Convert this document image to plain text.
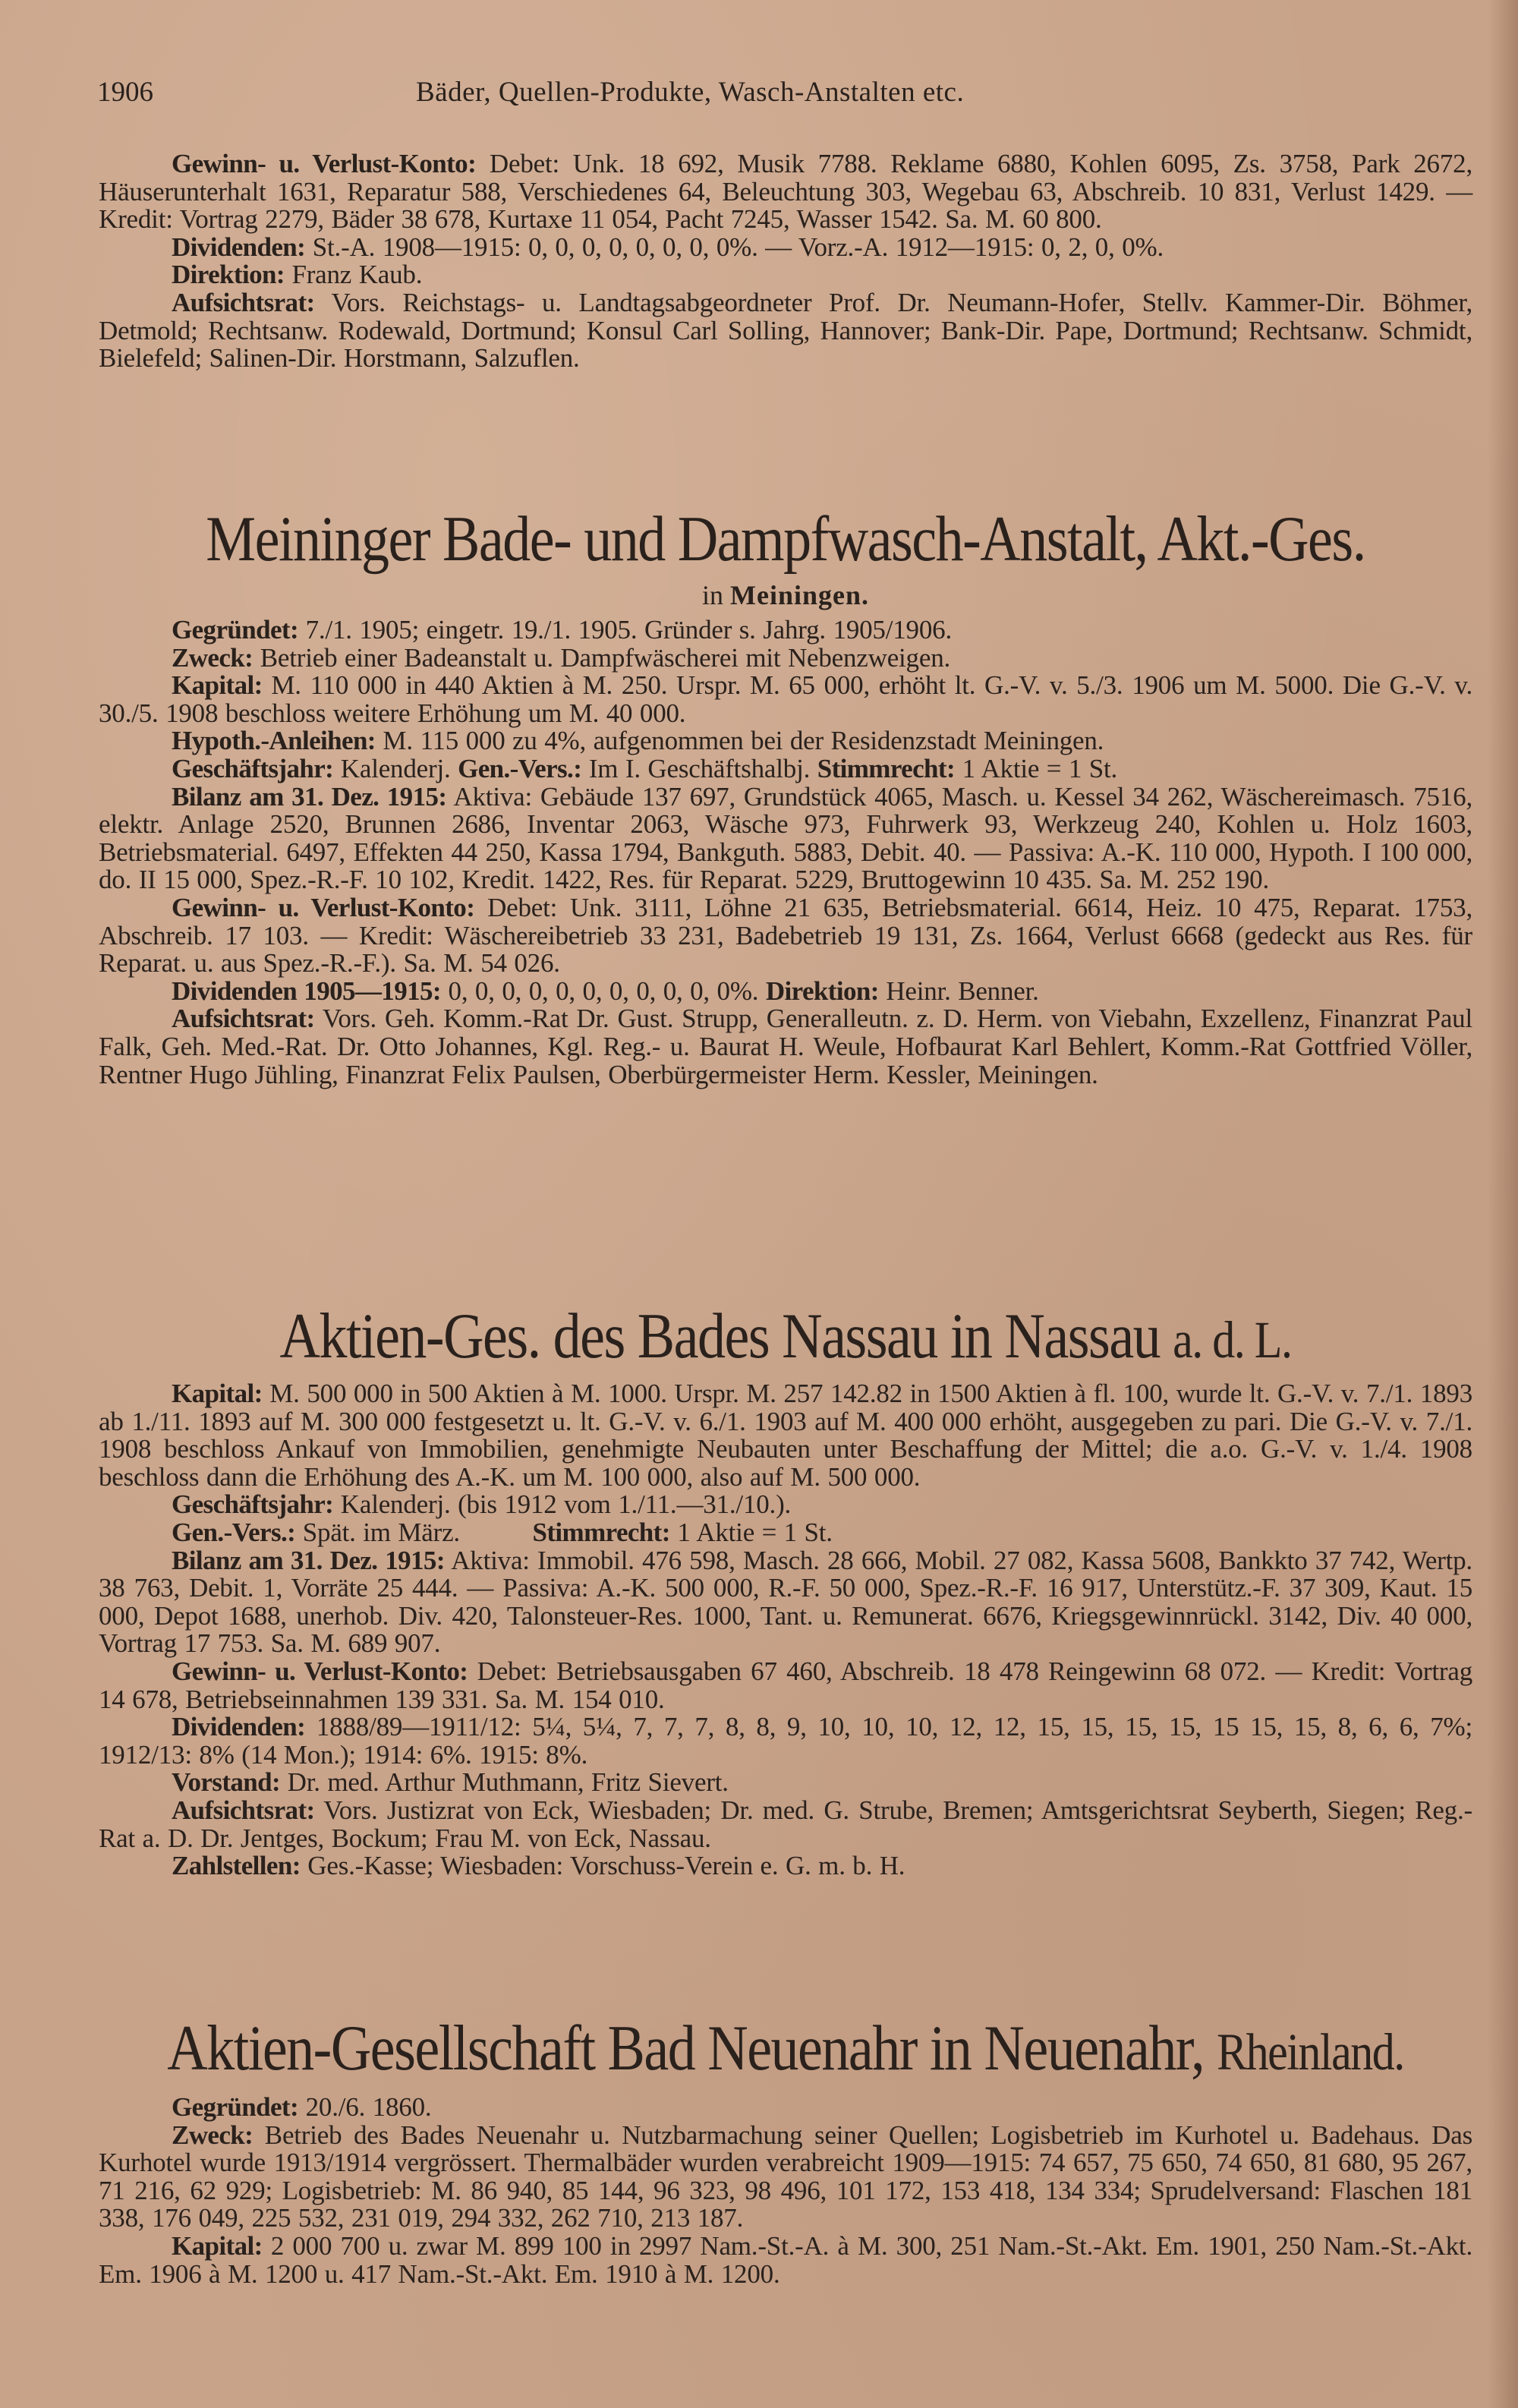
1906	Bäder, Quellen-Produkte, Wasch-Anstalten etc.

Gewinn- u. Verlust-Konto: Debet: Unk. 18 692, Musik 7788. Reklame 6880, Kohlen 6095, Zs. 3758, Park 2672, Häuserunterhalt 1631, Reparatur 588, Verschiedenes 64, Beleuchtung 303, Wegebau 63, Abschreib. 10 831, Verlust 1429. — Kredit: Vortrag 2279, Bäder 38 678, Kurtaxe 11 054, Pacht 7245, Wasser 1542. Sa. M. 60 800.

Dividenden: St.-A. 1908—1915: 0, 0, 0, 0, 0, 0, 0, 0%. — Vorz.-A. 1912—1915: 0, 2, 0, 0%.

Direktion: Franz Kaub.

Aufsichtsrat: Vors. Reichstags- u. Landtagsabgeordneter Prof. Dr. Neumann-Hofer, Stellv. Kammer-Dir. Böhmer, Detmold; Rechtsanw. Rodewald, Dortmund; Konsul Carl Solling, Hannover; Bank-Dir. Pape, Dortmund; Rechtsanw. Schmidt, Bielefeld; Salinen-Dir. Horstmann, Salzuflen.

Meininger Bade- und Dampfwasch-Anstalt, Akt.-Ges.
in Meiningen.

Gegründet: 7./1. 1905; eingetr. 19./1. 1905. Gründer s. Jahrg. 1905/1906.

Zweck: Betrieb einer Badeanstalt u. Dampfwäscherei mit Nebenzweigen.

Kapital: M. 110 000 in 440 Aktien à M. 250. Urspr. M. 65 000, erhöht lt. G.-V. v. 5./3. 1906 um M. 5000. Die G.-V. v. 30./5. 1908 beschloss weitere Erhöhung um M. 40 000.

Hypoth.-Anleihen: M. 115 000 zu 4%, aufgenommen bei der Residenzstadt Meiningen.

Geschäftsjahr: Kalenderj. Gen.-Vers.: Im I. Geschäftshalbj. Stimmrecht: 1 Aktie = 1 St.

Bilanz am 31. Dez. 1915: Aktiva: Gebäude 137 697, Grundstück 4065, Masch. u. Kessel 34 262, Wäschereimasch. 7516, elektr. Anlage 2520, Brunnen 2686, Inventar 2063, Wäsche 973, Fuhrwerk 93, Werkzeug 240, Kohlen u. Holz 1603, Betriebsmaterial. 6497, Effekten 44 250, Kassa 1794, Bankguth. 5883, Debit. 40. — Passiva: A.-K. 110 000, Hypoth. I 100 000, do. II 15 000, Spez.-R.-F. 10 102, Kredit. 1422, Res. für Reparat. 5229, Bruttogewinn 10 435. Sa. M. 252 190.

Gewinn- u. Verlust-Konto: Debet: Unk. 3111, Löhne 21 635, Betriebsmaterial. 6614, Heiz. 10 475, Reparat. 1753, Abschreib. 17 103. — Kredit: Wäschereibetrieb 33 231, Badebetrieb 19 131, Zs. 1664, Verlust 6668 (gedeckt aus Res. für Reparat. u. aus Spez.-R.-F.). Sa. M. 54 026.

Dividenden 1905—1915: 0, 0, 0, 0, 0, 0, 0, 0, 0, 0, 0%. Direktion: Heinr. Benner.

Aufsichtsrat: Vors. Geh. Komm.-Rat Dr. Gust. Strupp, Generalleutn. z. D. Herm. von Viebahn, Exzellenz, Finanzrat Paul Falk, Geh. Med.-Rat. Dr. Otto Johannes, Kgl. Reg.- u. Baurat H. Weule, Hofbaurat Karl Behlert, Komm.-Rat Gottfried Völler, Rentner Hugo Jühling, Finanzrat Felix Paulsen, Oberbürgermeister Herm. Kessler, Meiningen.

Aktien-Ges. des Bades Nassau in Nassau a. d. L.

Kapital: M. 500 000 in 500 Aktien à M. 1000. Urspr. M. 257 142.82 in 1500 Aktien à fl. 100, wurde lt. G.-V. v. 7./1. 1893 ab 1./11. 1893 auf M. 300 000 festgesetzt u. lt. G.-V. v. 6./1. 1903 auf M. 400 000 erhöht, ausgegeben zu pari. Die G.-V. v. 7./1. 1908 beschloss Ankauf von Immobilien, genehmigte Neubauten unter Beschaffung der Mittel; die a.o. G.-V. v. 1./4. 1908 beschloss dann die Erhöhung des A.-K. um M. 100 000, also auf M. 500 000.

Geschäftsjahr: Kalenderj. (bis 1912 vom 1./11.—31./10.).

Gen.-Vers.: Spät. im März.          Stimmrecht: 1 Aktie = 1 St.

Bilanz am 31. Dez. 1915: Aktiva: Immobil. 476 598, Masch. 28 666, Mobil. 27 082, Kassa 5608, Bankkto 37 742, Wertp. 38 763, Debit. 1, Vorräte 25 444. — Passiva: A.-K. 500 000, R.-F. 50 000, Spez.-R.-F. 16 917, Unterstütz.-F. 37 309, Kaut. 15 000, Depot 1688, unerhob. Div. 420, Talonsteuer-Res. 1000, Tant. u. Remunerat. 6676, Kriegsgewinnrückl. 3142, Div. 40 000, Vortrag 17 753. Sa. M. 689 907.

Gewinn- u. Verlust-Konto: Debet: Betriebsausgaben 67 460, Abschreib. 18 478 Reingewinn 68 072. — Kredit: Vortrag 14 678, Betriebseinnahmen 139 331. Sa. M. 154 010.

Dividenden: 1888/89—1911/12: 5¼, 5¼, 7, 7, 7, 8, 8, 9, 10, 10, 10, 12, 12, 15, 15, 15, 15, 15 15, 15, 8, 6, 6, 7%; 1912/13: 8% (14 Mon.); 1914: 6%. 1915: 8%.

Vorstand: Dr. med. Arthur Muthmann, Fritz Sievert.

Aufsichtsrat: Vors. Justizrat von Eck, Wiesbaden; Dr. med. G. Strube, Bremen; Amtsgerichtsrat Seyberth, Siegen; Reg.-Rat a. D. Dr. Jentges, Bockum; Frau M. von Eck, Nassau.

Zahlstellen: Ges.-Kasse; Wiesbaden: Vorschuss-Verein e. G. m. b. H.

Aktien-Gesellschaft Bad Neuenahr in Neuenahr, Rheinland.

Gegründet: 20./6. 1860.

Zweck: Betrieb des Bades Neuenahr u. Nutzbarmachung seiner Quellen; Logisbetrieb im Kurhotel u. Badehaus. Das Kurhotel wurde 1913/1914 vergrössert. Thermalbäder wurden verabreicht 1909—1915: 74 657, 75 650, 74 650, 81 680, 95 267, 71 216, 62 929; Logisbetrieb: M. 86 940, 85 144, 96 323, 98 496, 101 172, 153 418, 134 334; Sprudelversand: Flaschen 181 338, 176 049, 225 532, 231 019, 294 332, 262 710, 213 187.

Kapital: 2 000 700 u. zwar M. 899 100 in 2997 Nam.-St.-A. à M. 300, 251 Nam.-St.-Akt. Em. 1901, 250 Nam.-St.-Akt. Em. 1906 à M. 1200 u. 417 Nam.-St.-Akt. Em. 1910 à M. 1200.
